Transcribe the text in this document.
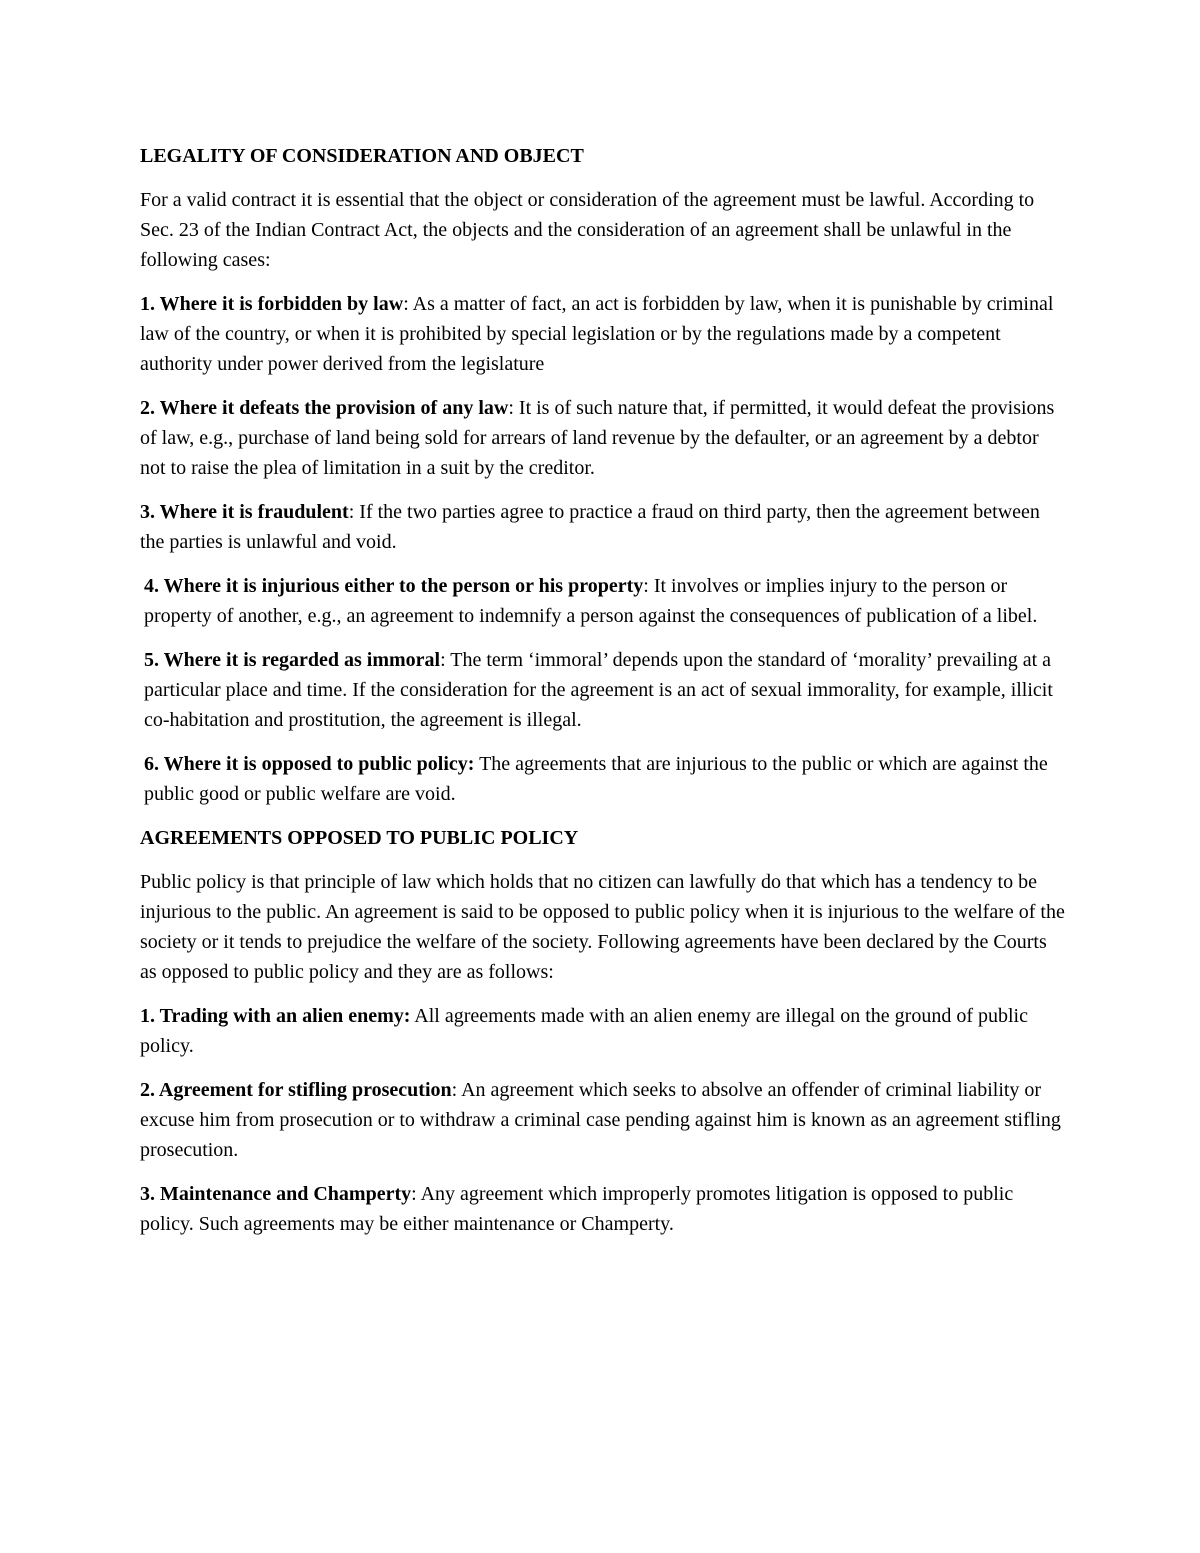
LEGALITY OF CONSIDERATION AND OBJECT
For a valid contract it is essential that the object or consideration of the agreement must be lawful. According to Sec. 23 of the Indian Contract Act, the objects and the consideration of an agreement shall be unlawful in the following cases:
1. Where it is forbidden by law: As a matter of fact, an act is forbidden by law, when it is punishable by criminal law of the country, or when it is prohibited by special legislation or by the regulations made by a competent authority under power derived from the legislature
2. Where it defeats the provision of any law: It is of such nature that, if permitted, it would defeat the provisions of law, e.g., purchase of land being sold for arrears of land revenue by the defaulter, or an agreement by a debtor not to raise the plea of limitation in a suit by the creditor.
3. Where it is fraudulent: If the two parties agree to practice a fraud on third party, then the agreement between the parties is unlawful and void.
4. Where it is injurious either to the person or his property: It involves or implies injury to the person or property of another, e.g., an agreement to indemnify a person against the consequences of publication of a libel.
5. Where it is regarded as immoral: The term ‘immoral’ depends upon the standard of ‘morality’ prevailing at a particular place and time. If the consideration for the agreement is an act of sexual immorality, for example, illicit co-habitation and prostitution, the agreement is illegal.
6. Where it is opposed to public policy: The agreements that are injurious to the public or which are against the public good or public welfare are void.
AGREEMENTS OPPOSED TO PUBLIC POLICY
Public policy is that principle of law which holds that no citizen can lawfully do that which has a tendency to be injurious to the public. An agreement is said to be opposed to public policy when it is injurious to the welfare of the society or it tends to prejudice the welfare of the society. Following agreements have been declared by the Courts as opposed to public policy and they are as follows:
1. Trading with an alien enemy: All agreements made with an alien enemy are illegal on the ground of public policy.
2. Agreement for stifling prosecution: An agreement which seeks to absolve an offender of criminal liability or excuse him from prosecution or to withdraw a criminal case pending against him is known as an agreement stifling prosecution.
3. Maintenance and Champerty: Any agreement which improperly promotes litigation is opposed to public policy. Such agreements may be either maintenance or Champerty.
